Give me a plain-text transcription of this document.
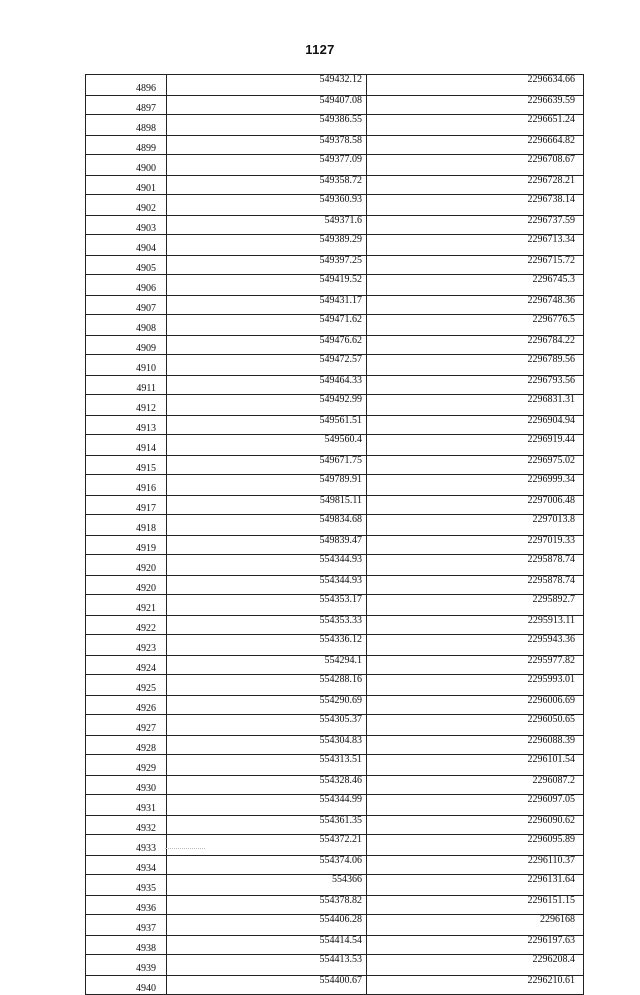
1127
4896	549432.12	2296634.66
4897	549407.08	2296639.59
4898	549386.55	2296651.24
4899	549378.58	2296664.82
4900	549377.09	2296708.67
4901	549358.72	2296728.21
4902	549360.93	2296738.14
4903	549371.6	2296737.59
4904	549389.29	2296713.34
4905	549397.25	2296715.72
4906	549419.52	2296745.3
4907	549431.17	2296748.36
4908	549471.62	2296776.5
4909	549476.62	2296784.22
4910	549472.57	2296789.56
4911	549464.33	2296793.56
4912	549492.99	2296831.31
4913	549561.51	2296904.94
4914	549560.4	2296919.44
4915	549671.75	2296975.02
4916	549789.91	2296999.34
4917	549815.11	2297006.48
4918	549834.68	2297013.8
4919	549839.47	2297019.33
4920	554344.93	2295878.74
4920	554344.93	2295878.74
4921	554353.17	2295892.7
4922	554353.33	2295913.11
4923	554336.12	2295943.36
4924	554294.1	2295977.82
4925	554288.16	2295993.01
4926	554290.69	2296006.69
4927	554305.37	2296050.65
4928	554304.83	2296088.39
4929	554313.51	2296101.54
4930	554328.46	2296087.2
4931	554344.99	2296097.05
4932	554361.35	2296090.62
4933	554372.21	2296095.89
4934	554374.06	2296110.37
4935	554366	2296131.64
4936	554378.82	2296151.15
4937	554406.28	2296168
4938	554414.54	2296197.63
4939	554413.53	2296208.4
4940	554400.67	2296210.61
